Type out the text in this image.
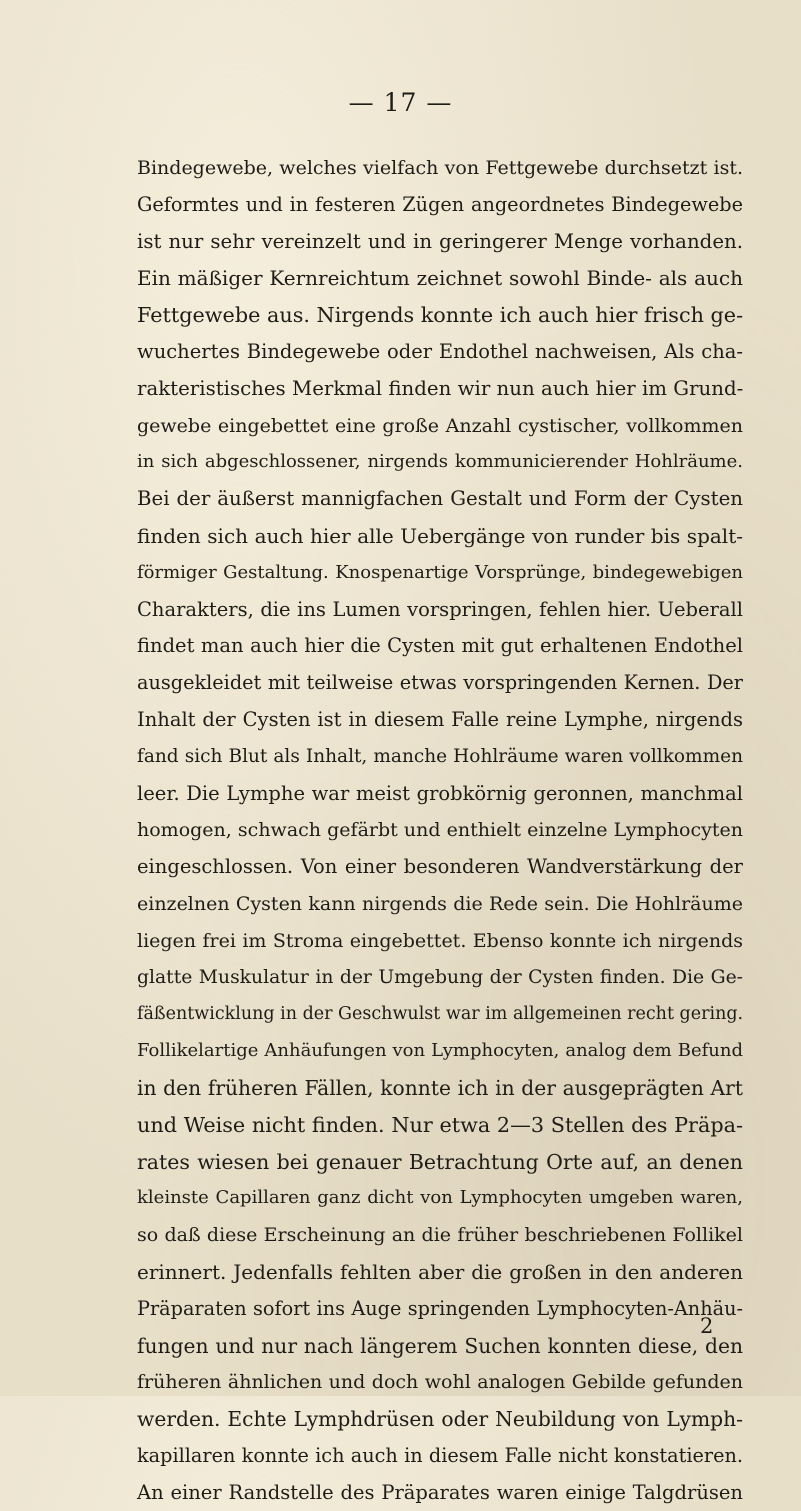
— 17 —
Bindegewebe, welches vielfach von Fettgewebe durchsetzt ist.
Geformtes und in festeren Zügen angeordnetes Bindegewebe
ist nur sehr vereinzelt und in geringerer Menge vorhanden.
Ein mäßiger Kernreichtum zeichnet sowohl Binde- als auch
Fettgewebe aus. Nirgends konnte ich auch hier frisch ge-
wuchertes Bindegewebe oder Endothel nachweisen, Als cha-
rakteristisches Merkmal finden wir nun auch hier im Grund-
gewebe eingebettet eine große Anzahl cystischer, vollkommen
in sich abgeschlossener, nirgends kommunicierender Hohlräume.
Bei der äußerst mannigfachen Gestalt und Form der Cysten
finden sich auch hier alle Uebergänge von runder bis spalt-
förmiger Gestaltung. Knospenartige Vorsprünge, bindegewebigen
Charakters, die ins Lumen vorspringen, fehlen hier. Ueberall
findet man auch hier die Cysten mit gut erhaltenen Endothel
ausgekleidet mit teilweise etwas vorspringenden Kernen. Der
Inhalt der Cysten ist in diesem Falle reine Lymphe, nirgends
fand sich Blut als Inhalt, manche Hohlräume waren vollkommen
leer. Die Lymphe war meist grobkörnig geronnen, manchmal
homogen, schwach gefärbt und enthielt einzelne Lymphocyten
eingeschlossen. Von einer besonderen Wandverstärkung der
einzelnen Cysten kann nirgends die Rede sein. Die Hohlräume
liegen frei im Stroma eingebettet. Ebenso konnte ich nirgends
glatte Muskulatur in der Umgebung der Cysten finden. Die Ge-
fäßentwicklung in der Geschwulst war im allgemeinen recht gering.
Follikelartige Anhäufungen von Lymphocyten, analog dem Befund
in den früheren Fällen, konnte ich in der ausgeprägten Art
und Weise nicht finden. Nur etwa 2—3 Stellen des Präpa-
rates wiesen bei genauer Betrachtung Orte auf, an denen
kleinste Capillaren ganz dicht von Lymphocyten umgeben waren,
so daß diese Erscheinung an die früher beschriebenen Follikel
erinnert. Jedenfalls fehlten aber die großen in den anderen
Präparaten sofort ins Auge springenden Lymphocyten-Anhäu-
fungen und nur nach längerem Suchen konnten diese, den
früheren ähnlichen und doch wohl analogen Gebilde gefunden
werden. Echte Lymphdrüsen oder Neubildung von Lymph-
kapillaren konnte ich auch in diesem Falle nicht konstatieren.
An einer Randstelle des Präparates waren einige Talgdrüsen
2
